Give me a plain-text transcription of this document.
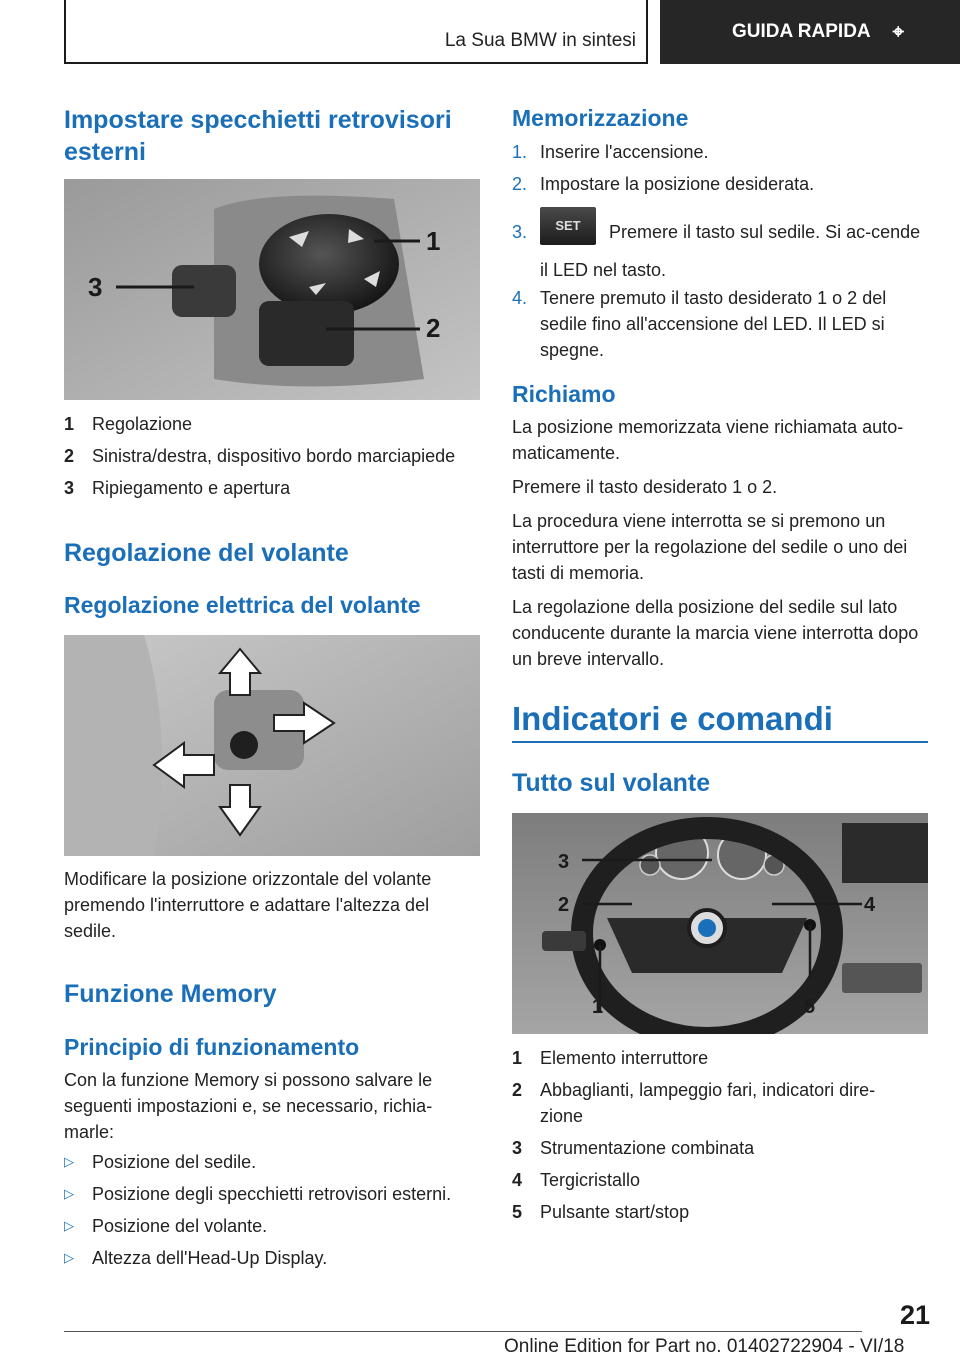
La Sua BMW in sintesi	GUIDA RAPIDA ⌖
Impostare specchietti retrovisori esterni
1
2
3
1 Regolazione
2 Sinistra/destra, dispositivo bordo marciapiede
3 Ripiegamento e apertura
Regolazione del volante
Regolazione elettrica del volante
Modificare la posizione orizzontale del volante premendo l'interruttore e adattare l'altezza del sedile.
Funzione Memory
Principio di funzionamento
Con la funzione Memory si possono salvare le seguenti impostazioni e, se necessario, richia-marle:
▷	Posizione del sedile.
▷	Posizione degli specchietti retrovisori esterni.
▷	Posizione del volante.
▷	Altezza dell'Head-Up Display.
Memorizzazione
1. Inserire l'accensione.
2. Impostare la posizione desiderata.
3.	SET Premere il tasto sul sedile. Si ac-cende il LED nel tasto.
4. Tenere premuto il tasto desiderato 1 o 2 del sedile fino all'accensione del LED. Il LED si spegne.
Richiamo
La posizione memorizzata viene richiamata auto-maticamente.
Premere il tasto desiderato 1 o 2.
La procedura viene interrotta se si premono un interruttore per la regolazione del sedile o uno dei tasti di memoria.
La regolazione della posizione del sedile sul lato conducente durante la marcia viene interrotta dopo un breve intervallo.
Indicatori e comandi
Tutto sul volante
3
2	4
1	5
1 Elemento interruttore
2 Abbaglianti, lampeggio fari, indicatori dire-zione
3 Strumentazione combinata
4 Tergicristallo
5 Pulsante start/stop
21
Online Edition for Part no. 01402722904 - VI/18
